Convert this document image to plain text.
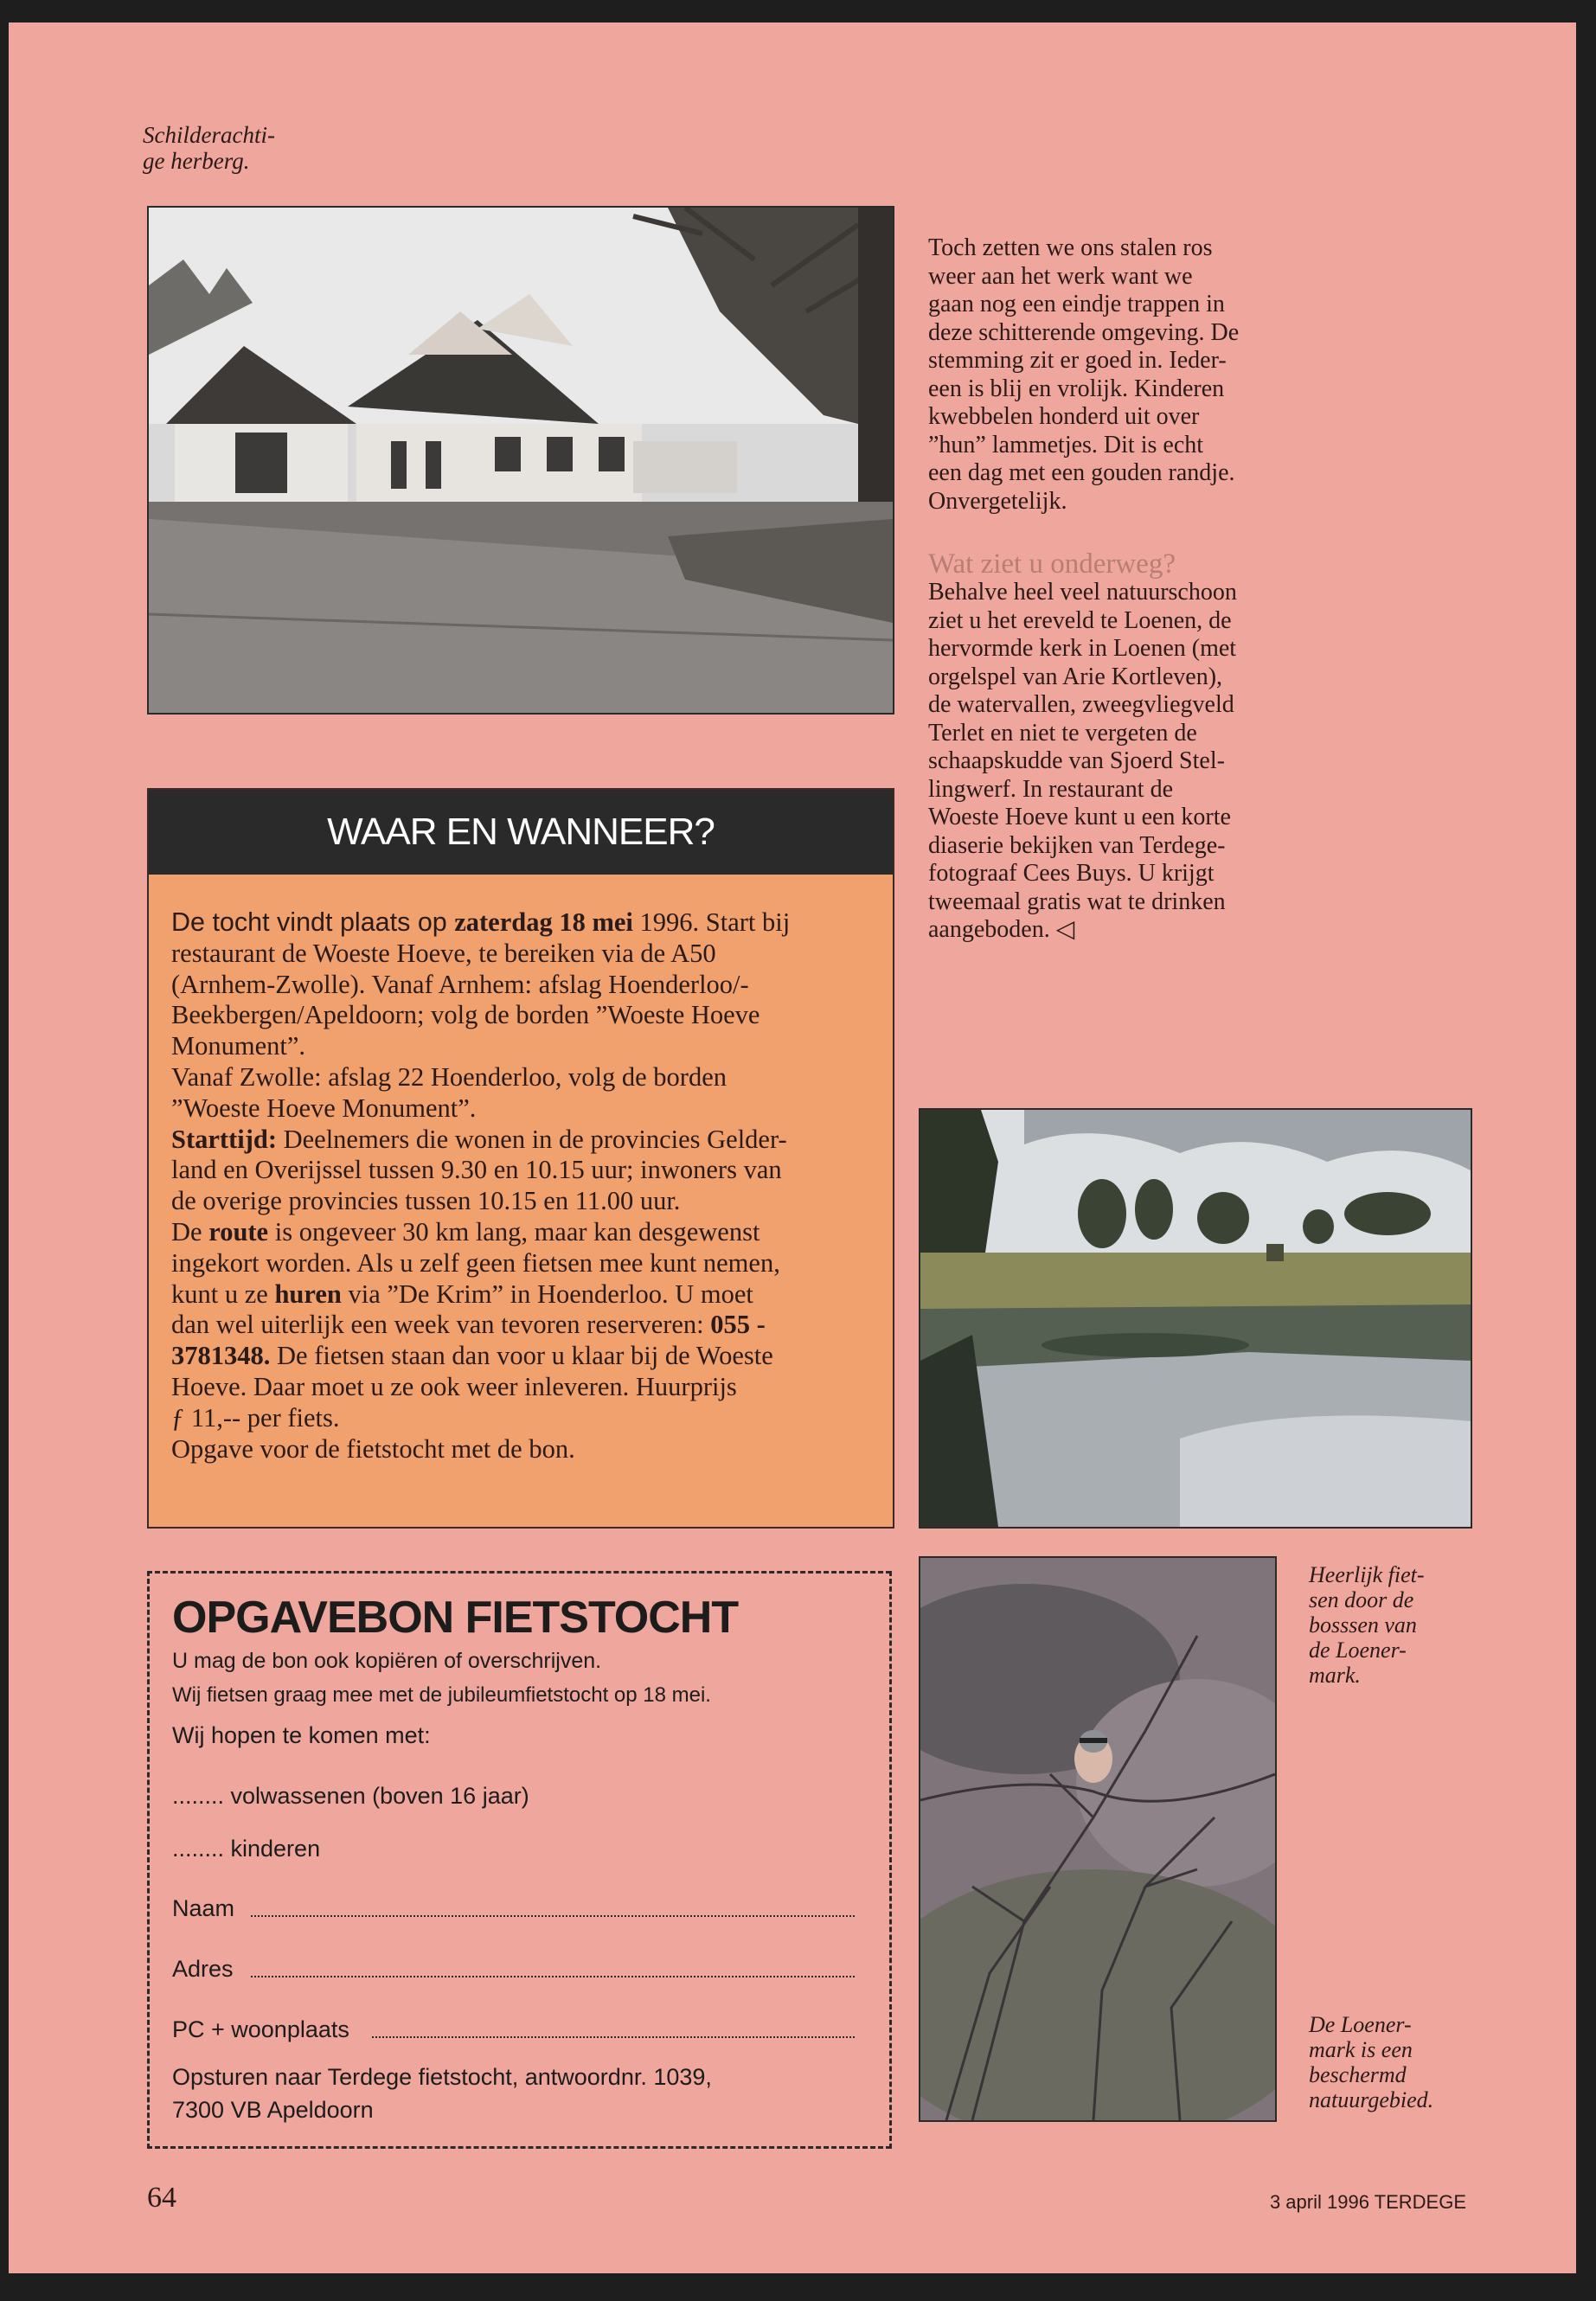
Schilderachti-
ge herberg.

Toch zetten we ons stalen ros

weer aan het werk want we

gaan nog een eindje trappen in

deze schitterende omgeving. De

stemming zit er goed in. Ieder-

een is blij en vrolijk. Kinderen

kwebbelen honderd uit over

”hun” lammetjes. Dit is echt

een dag met een gouden randje.

Onvergetelijk.

Wat ziet u onderweg?

Behalve heel veel natuurschoon

ziet u het ereveld te Loenen, de

hervormde kerk in Loenen (met

orgelspel van Arie Kortleven),

de watervallen, zweegvliegveld

Terlet en niet te vergeten de

schaapskudde van Sjoerd Stel-

lingwerf. In restaurant de

Woeste Hoeve kunt u een korte

diaserie bekijken van Terdege-

fotograaf Cees Buys. U krijgt

tweemaal gratis wat te drinken

aangeboden. ◁

WAAR EN WANNEER?

De tocht vindt plaats op zaterdag 18 mei 1996. Start bij

restaurant de Woeste Hoeve, te bereiken via de A50

(Arnhem-Zwolle). Vanaf Arnhem: afslag Hoenderloo/-

Beekbergen/Apeldoorn; volg de borden ”Woeste Hoeve

Monument”.

Vanaf Zwolle: afslag 22 Hoenderloo, volg de borden

”Woeste Hoeve Monument”.

Starttijd: Deelnemers die wonen in de provincies Gelder-

land en Overijssel tussen 9.30 en 10.15 uur; inwoners van

de overige provincies tussen 10.15 en 11.00 uur.

De route is ongeveer 30 km lang, maar kan desgewenst

ingekort worden. Als u zelf geen fietsen mee kunt nemen,

kunt u ze huren via ”De Krim” in Hoenderloo. U moet

dan wel uiterlijk een week van tevoren reserveren: 055 -

3781348. De fietsen staan dan voor u klaar bij de Woeste

Hoeve. Daar moet u ze ook weer inleveren. Huurprijs

ƒ 11,-- per fiets.

Opgave voor de fietstocht met de bon.

OPGAVEBON FIETSTOCHT
U mag de bon ook kopiëren of overschrijven.
Wij fietsen graag mee met de jubileumfietstocht op 18 mei.
Wij hopen te komen met:
........ volwassenen (boven 16 jaar)
........ kinderen
Naam
Adres
PC + woonplaats
Opsturen naar Terdege fietstocht, antwoordnr. 1039,
7300 VB Apeldoorn
Heerlijk fiet-
sen door de
bosssen van
de Loener-
mark.
De Loener-
mark is een
beschermd
natuurgebied.
64	3 april 1996 TERDEGE
